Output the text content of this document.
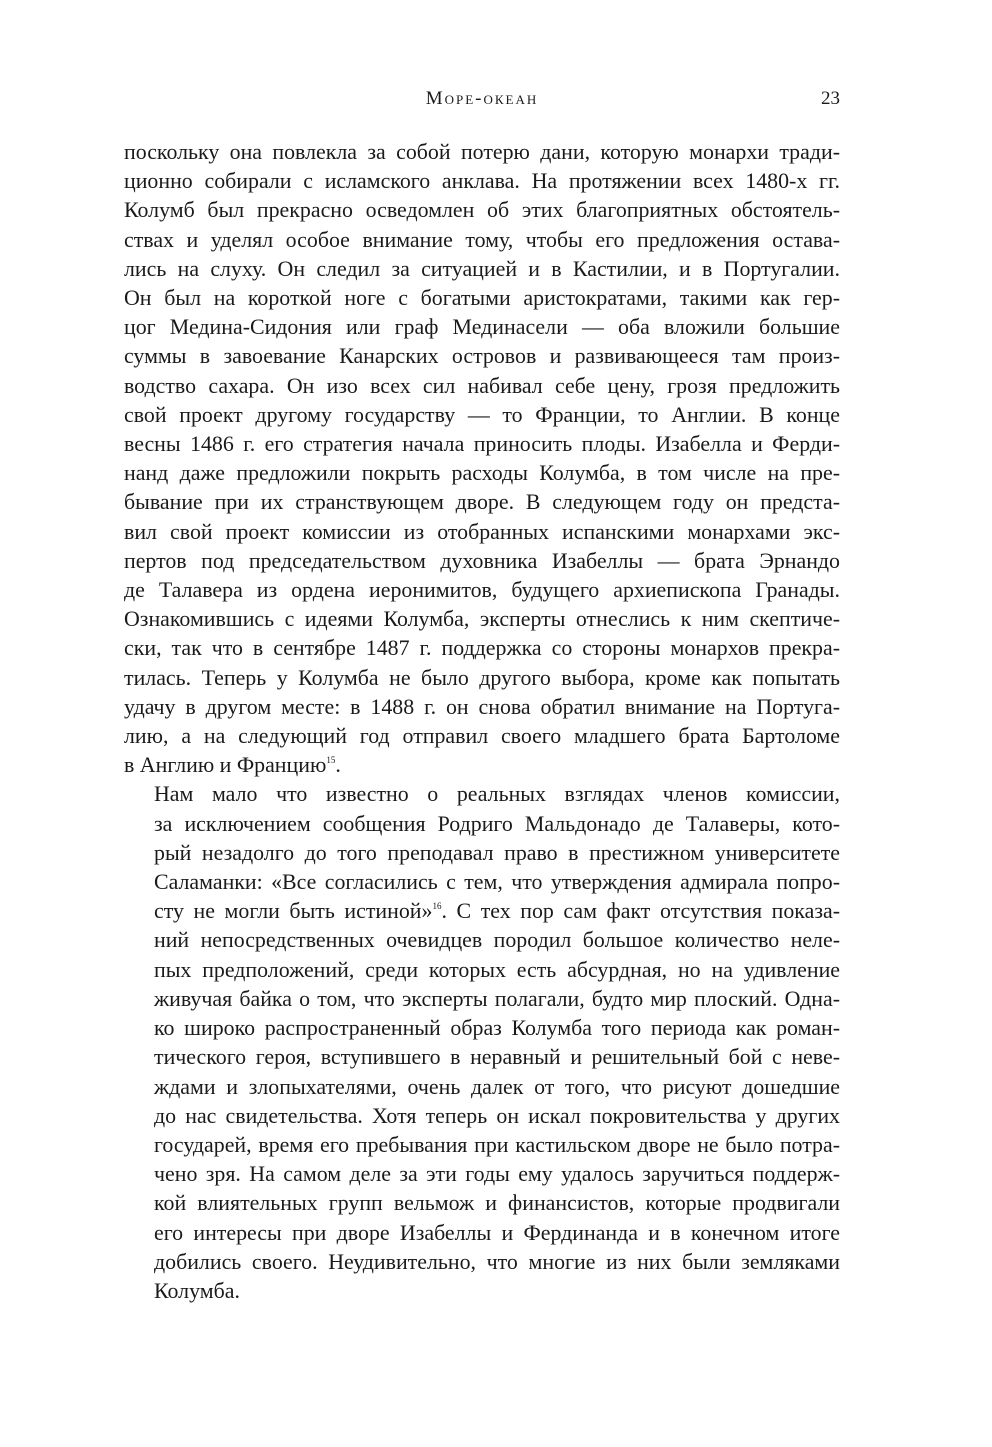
Море-океан	23

поскольку она повлекла за собой потерю дани, которую монархи тради-
ционно собирали с исламского анклава. На протяжении всех 1480-х гг.
Колумб был прекрасно осведомлен об этих благоприятных обстоятель-
ствах и уделял особое внимание тому, чтобы его предложения остава-
лись на слуху. Он следил за ситуацией и в Кастилии, и в Португалии.
Он был на короткой ноге с богатыми аристократами, такими как гер-
цог Медина-Сидония или граф Мединасели — оба вложили большие
суммы в завоевание Канарских островов и развивающееся там произ-
водство сахара. Он изо всех сил набивал себе цену, грозя предложить
свой проект другому государству — то Франции, то Англии. В конце
весны 1486 г. его стратегия начала приносить плоды. Изабелла и Ферди-
нанд даже предложили покрыть расходы Колумба, в том числе на пре-
бывание при их странствующем дворе. В следующем году он предста-
вил свой проект комиссии из отобранных испанскими монархами экс-
пертов под председательством духовника Изабеллы — брата Эрнандо
де Талавера из ордена иеронимитов, будущего архиепископа Гранады.
Ознакомившись с идеями Колумба, эксперты отнеслись к ним скептиче-
ски, так что в сентябре 1487 г. поддержка со стороны монархов прекра-
тилась. Теперь у Колумба не было другого выбора, кроме как попытать
удачу в другом месте: в 1488 г. он снова обратил внимание на Португа-
лию, а на следующий год отправил своего младшего брата Бартоломе
в Англию и Францию$^{15}$.

Нам мало что известно о реальных взглядах членов комиссии,
за исключением сообщения Родриго Мальдонадо де Талаверы, кото-
рый незадолго до того преподавал право в престижном университете
Саламанки: «Все согласились с тем, что утверждения адмирала попро-
сту не могли быть истиной»$^{16}$. С тех пор сам факт отсутствия показа-
ний непосредственных очевидцев породил большое количество неле-
пых предположений, среди которых есть абсурдная, но на удивление
живучая байка о том, что эксперты полагали, будто мир плоский. Одна-
ко широко распространенный образ Колумба того периода как роман-
тического героя, вступившего в неравный и решительный бой с неве-
ждами и злопыхателями, очень далек от того, что рисуют дошедшие
до нас свидетельства. Хотя теперь он искал покровительства у других
государей, время его пребывания при кастильском дворе не было потра-
чено зря. На самом деле за эти годы ему удалось заручиться поддерж-
кой влиятельных групп вельмож и финансистов, которые продвигали
его интересы при дворе Изабеллы и Фердинанда и в конечном итоге
добились своего. Неудивительно, что многие из них были земляками
Колумба.
